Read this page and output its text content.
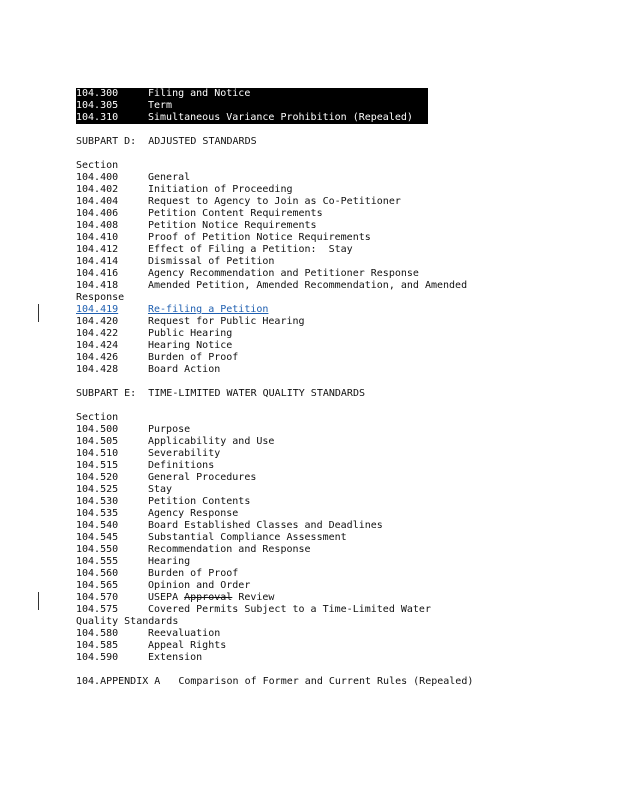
104.300	Filing and Notice
104.305	Term
104.310	Simultaneous Variance Prohibition (Repealed)
SUBPART D:  ADJUSTED STANDARDS
Section
104.400	General
104.402	Initiation of Proceeding
104.404	Request to Agency to Join as Co-Petitioner
104.406	Petition Content Requirements
104.408	Petition Notice Requirements
104.410	Proof of Petition Notice Requirements
104.412	Effect of Filing a Petition:  Stay
104.414	Dismissal of Petition
104.416	Agency Recommendation and Petitioner Response
104.418	Amended Petition, Amended Recommendation, and Amended
Response
104.419	Re-filing a Petition
104.420	Request for Public Hearing
104.422	Public Hearing
104.424	Hearing Notice
104.426	Burden of Proof
104.428	Board Action
SUBPART E:  TIME-LIMITED WATER QUALITY STANDARDS
Section
104.500	Purpose
104.505	Applicability and Use
104.510	Severability
104.515	Definitions
104.520	General Procedures
104.525	Stay
104.530	Petition Contents
104.535	Agency Response
104.540	Board Established Classes and Deadlines
104.545	Substantial Compliance Assessment
104.550	Recommendation and Response
104.555	Hearing
104.560	Burden of Proof
104.565	Opinion and Order
104.570	USEPA Approval Review
104.575	Covered Permits Subject to a Time-Limited Water
Quality Standards
104.580	Reevaluation
104.585	Appeal Rights
104.590	Extension
104.APPENDIX A   Comparison of Former and Current Rules (Repealed)
